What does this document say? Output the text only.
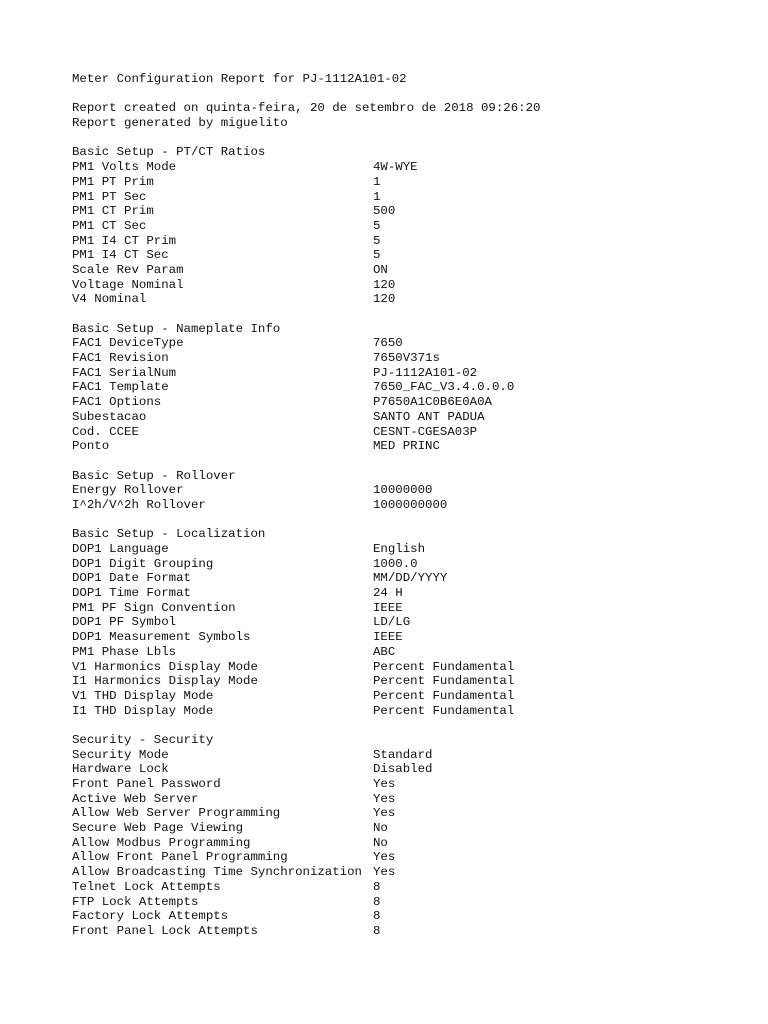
Meter Configuration Report for PJ-1112A101-02
Report created on quinta-feira, 20 de setembro de 2018 09:26:20
Report generated by miguelito
Basic Setup - PT/CT Ratios
PM1 Volts Mode	4W-WYE
PM1 PT Prim	1
PM1 PT Sec	1
PM1 CT Prim	500
PM1 CT Sec	5
PM1 I4 CT Prim	5
PM1 I4 CT Sec	5
Scale Rev Param	ON
Voltage Nominal	120
V4 Nominal	120
Basic Setup - Nameplate Info
FAC1 DeviceType	7650
FAC1 Revision	7650V371s
FAC1 SerialNum	PJ-1112A101-02
FAC1 Template	7650_FAC_V3.4.0.0.0
FAC1 Options	P7650A1C0B6E0A0A
Subestacao	SANTO ANT PADUA
Cod. CCEE	CESNT-CGESA03P
Ponto	MED PRINC
Basic Setup - Rollover
Energy Rollover	10000000
I^2h/V^2h Rollover	1000000000
Basic Setup - Localization
DOP1 Language	English
DOP1 Digit Grouping	1000.0
DOP1 Date Format	MM/DD/YYYY
DOP1 Time Format	24 H
PM1 PF Sign Convention	IEEE
DOP1 PF Symbol	LD/LG
DOP1 Measurement Symbols	IEEE
PM1 Phase Lbls	ABC
V1 Harmonics Display Mode	Percent Fundamental
I1 Harmonics Display Mode	Percent Fundamental
V1 THD Display Mode	Percent Fundamental
I1 THD Display Mode	Percent Fundamental
Security - Security
Security Mode	Standard
Hardware Lock	Disabled
Front Panel Password	Yes
Active Web Server	Yes
Allow Web Server Programming	Yes
Secure Web Page Viewing	No
Allow Modbus Programming	No
Allow Front Panel Programming	Yes
Allow Broadcasting Time Synchronization Yes
Telnet Lock Attempts	8
FTP Lock Attempts	8
Factory Lock Attempts	8
Front Panel Lock Attempts	8
